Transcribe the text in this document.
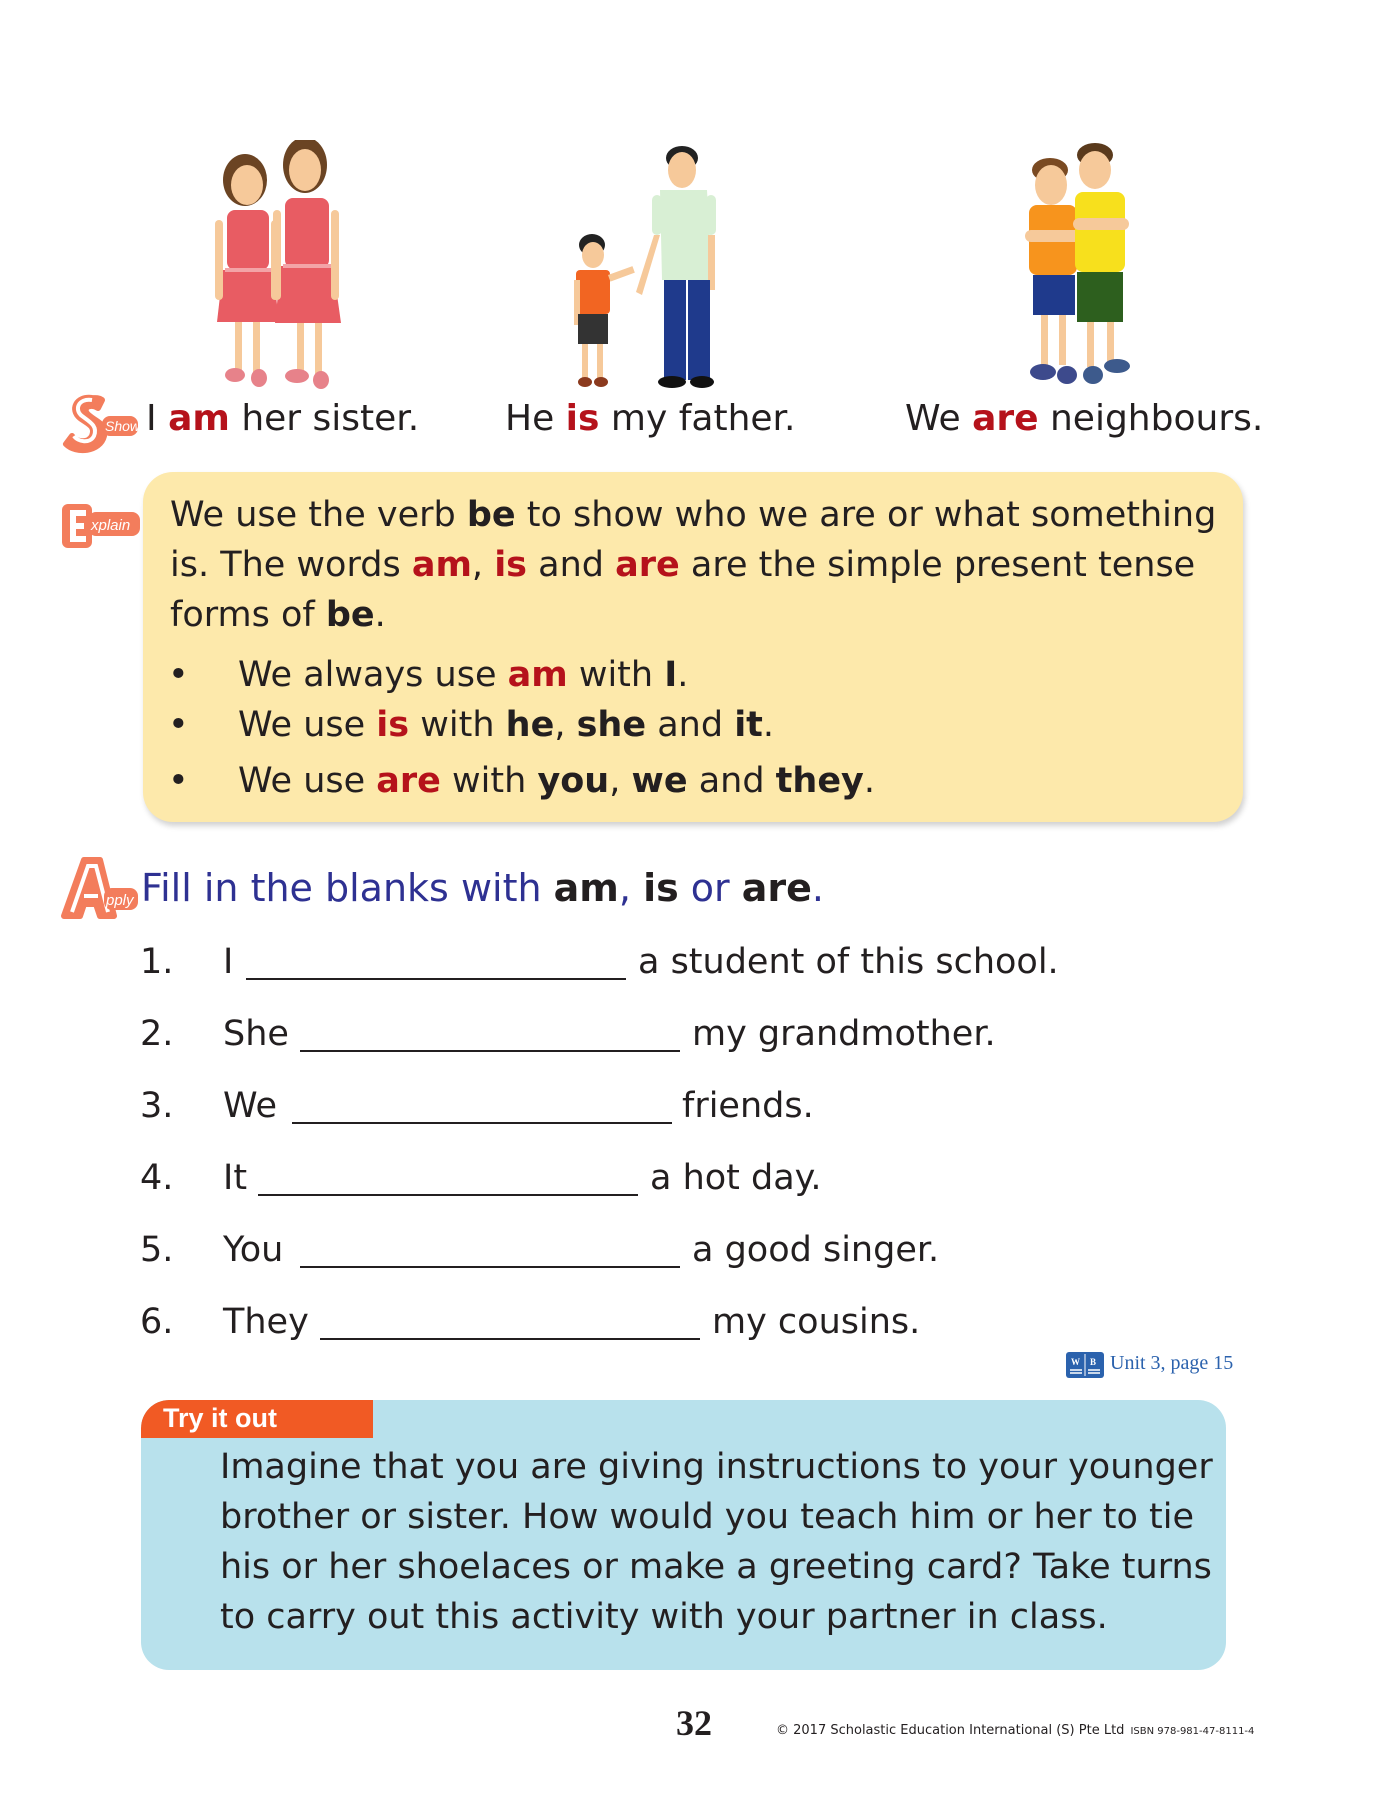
Show I am her sister. He is my father.	We are neighbours.
xplain We use the verb be to show who we are or what something is. The words am, is and are are the simple present tense forms of be.
• We always use am with I.
• We use is with he, she and it.
• We use are with you, we and they.
pply Fill in the blanks with am, is or are.
1. I	a student of this school.
2. She	my grandmother.
3. We	friends.
4. It	a hot day.
5. You	a good singer.
6. They	my cousins.
W B Unit 3, page 15
Try it out
Imagine that you are giving instructions to your younger brother or sister. How would you teach him or her to tie his or her shoelaces or make a greeting card? Take turns to carry out this activity with your partner in class.
32	© 2017 Scholastic Education International (S) Pte Ltd ISBN 978-981-47-8111-4
